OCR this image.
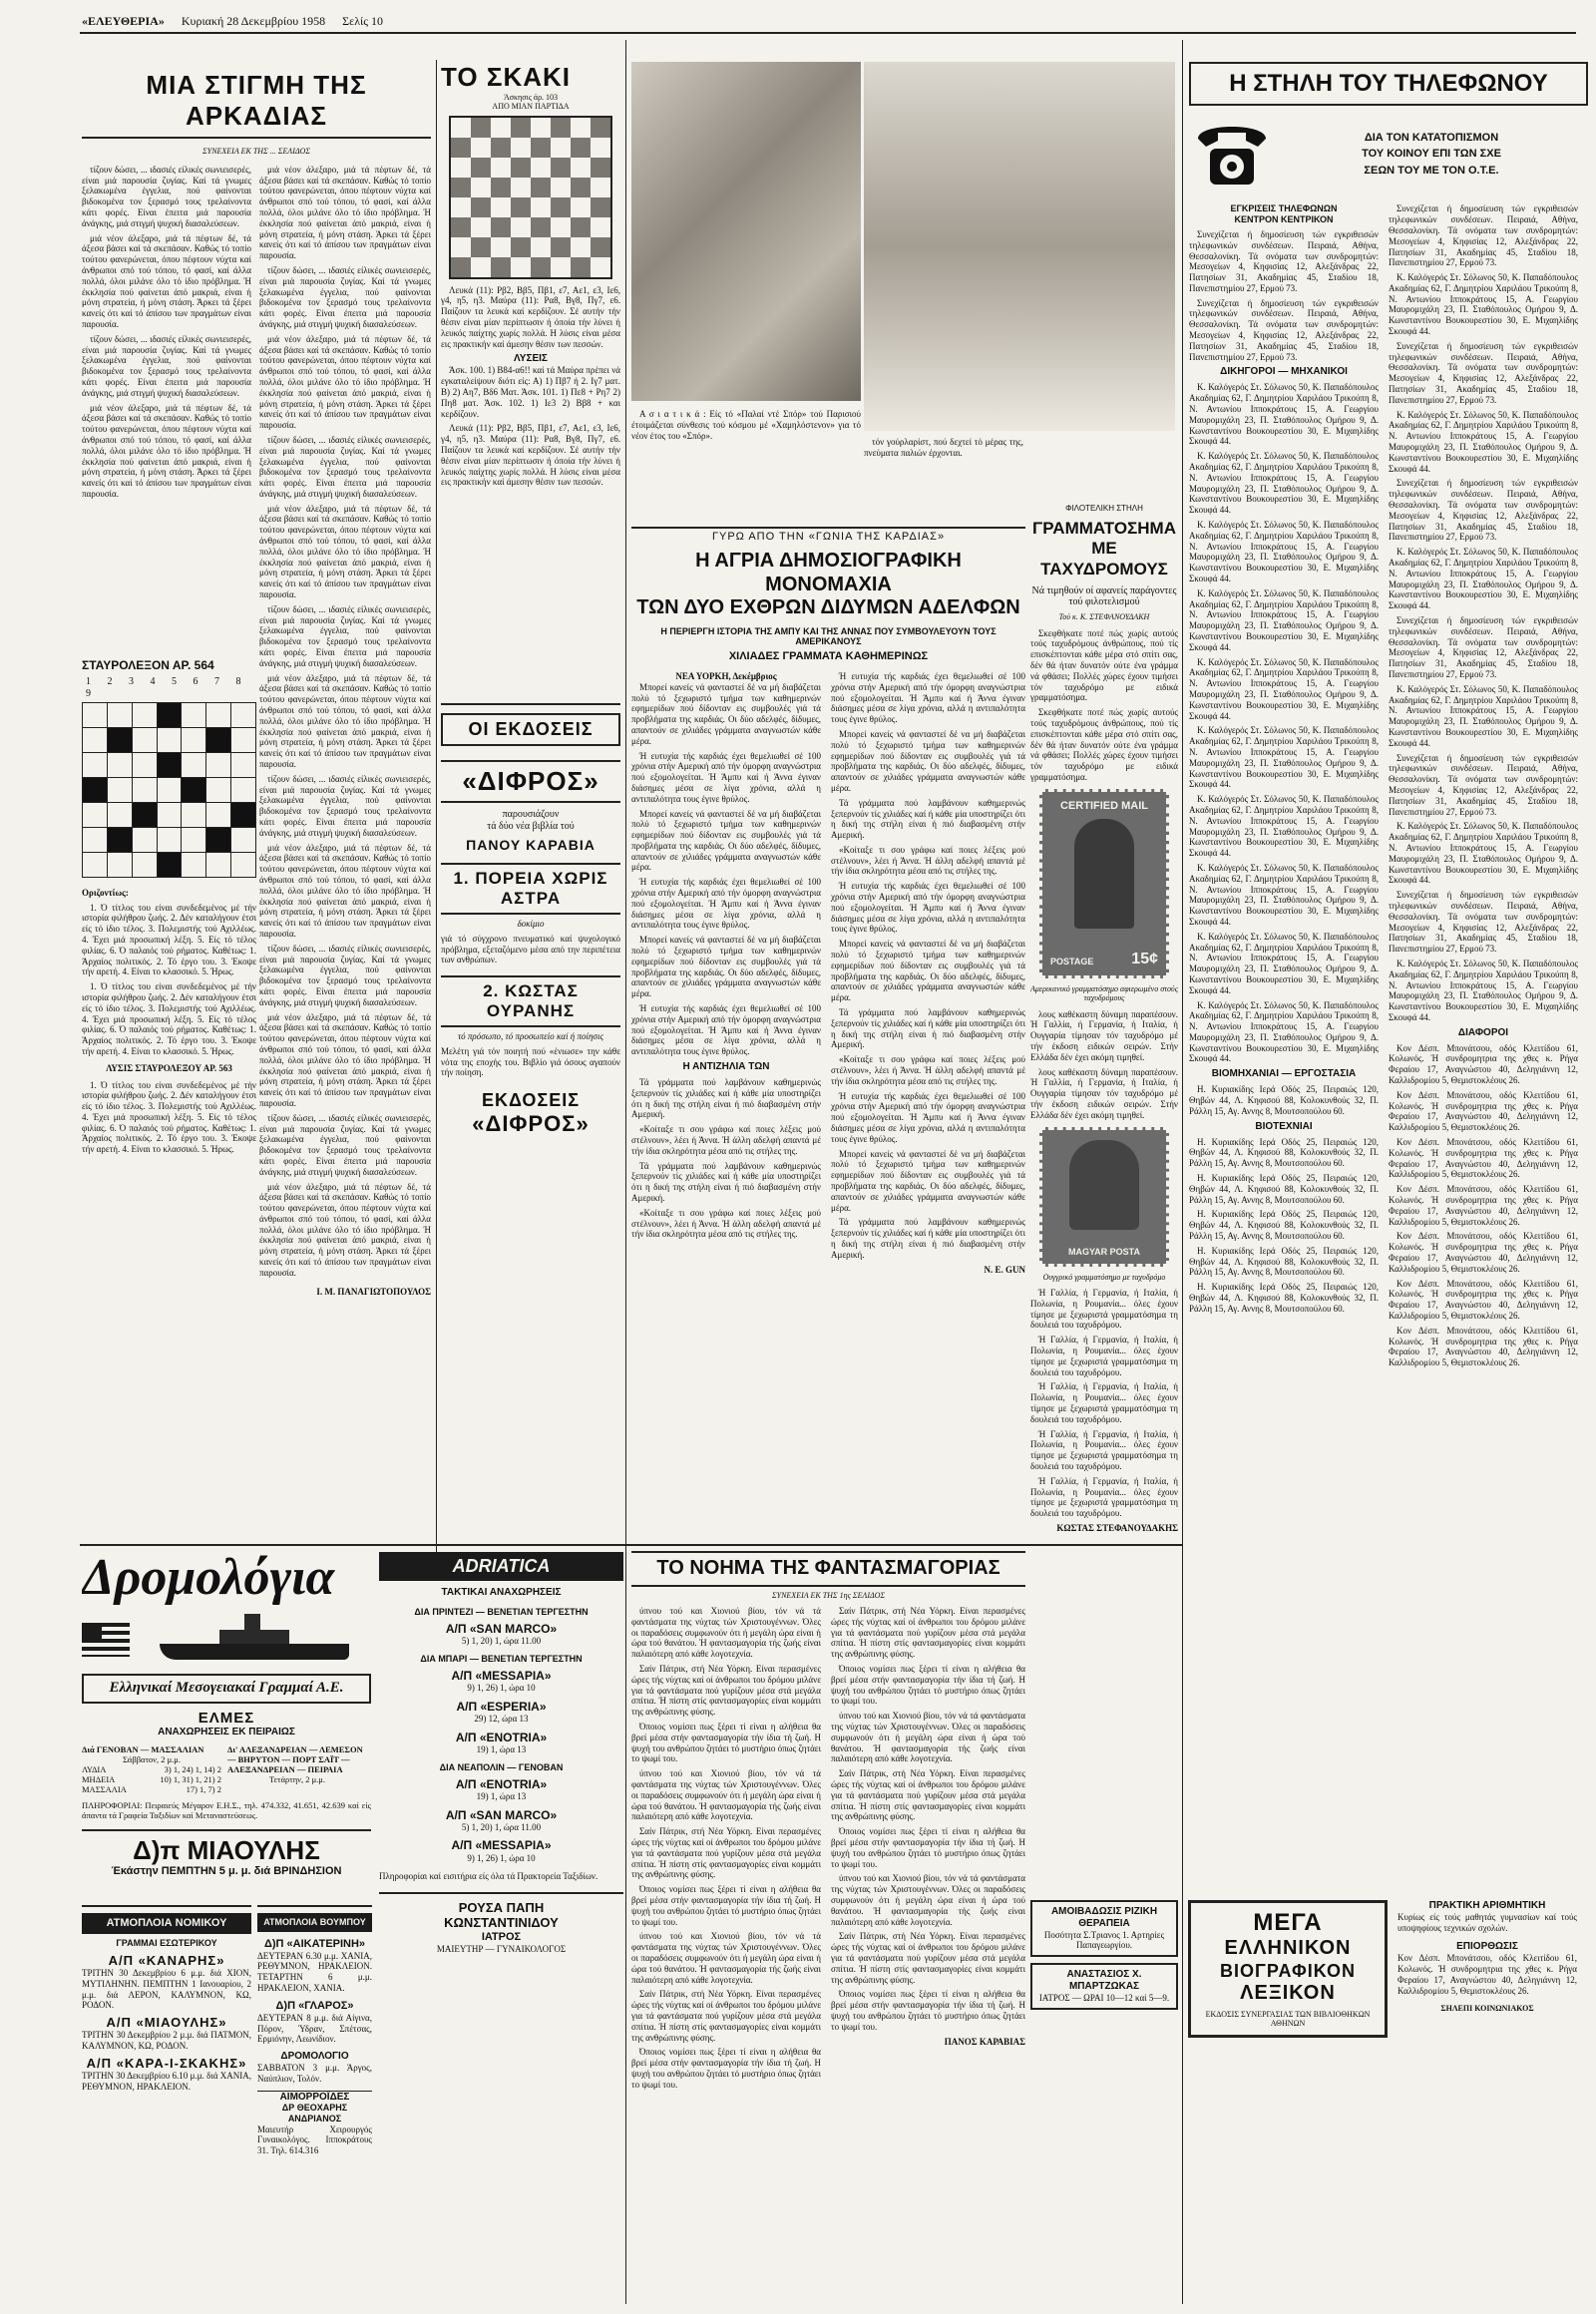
«ΕΛΕΥΘΕΡΙΑ» Κυριακή 28 Δεκεμβρίου 1958 Σελίς 10
ΜΙΑ ΣΤΙΓΜΗ ΤΗΣ ΑΡΚΑΔΙΑΣ
ΣΥΝΕΧΕΙΑ ΕΚ ΤΗΣ ... ΣΕΛΙΔΟΣ

τίζουν δώσει, ... ιδασιές είλικές σωνιεισερές, είναι μιά παρουσία ζυγίας. Καί τά γνωμες ξελακωμένα έγγελια, πού φαίνονται βιδοκομένα τον ξερασμό τους τρελαίνοντα κάτι φορές. Είναι έπειτα μιά παρουσία άνάγκης, μιά στιγμή ψυχική διασαλεύσεων.

μιά νέον άλεξαρο, μιά τά πέφτων δέ, τά άξεσα βάσει καί τά σκεπάσαν. Καθώς τό τοπίο τούτου φανερώνεται, όπου πέφτουν νύχτα καί άνθρωποι σπό τού τόπου, τό φασί, καί άλλα πολλά, όλοι μιλάνε όλο τό ίδιο πρόβλημα. Ή έκκλησία πού φαίνεται άπό μακριά, είναι ή μόνη στρατεία, ή μόνη στάση. Άρκει τά ξέρει κανείς ότι καί τό άπίσου των πραγμάτων είναι παρουσία.

τίζουν δώσει, ... ιδασιές είλικές σωνιεισερές, είναι μιά παρουσία ζυγίας. Καί τά γνωμες ξελακωμένα έγγελια, πού φαίνονται βιδοκομένα τον ξερασμό τους τρελαίνοντα κάτι φορές. Είναι έπειτα μιά παρουσία άνάγκης, μιά στιγμή ψυχική διασαλεύσεων.

μιά νέον άλεξαρο, μιά τά πέφτων δέ, τά άξεσα βάσει καί τά σκεπάσαν. Καθώς τό τοπίο τούτου φανερώνεται, όπου πέφτουν νύχτα καί άνθρωποι σπό τού τόπου, τό φασί, καί άλλα πολλά, όλοι μιλάνε όλο τό ίδιο πρόβλημα. Ή έκκλησία πού φαίνεται άπό μακριά, είναι ή μόνη στρατεία, ή μόνη στάση. Άρκει τά ξέρει κανείς ότι καί τό άπίσου των πραγμάτων είναι παρουσία.

μιά νέον άλεξαρο, μιά τά πέφτων δέ, τά άξεσα βάσει καί τά σκεπάσαν. Καθώς τό τοπίο τούτου φανερώνεται, όπου πέφτουν νύχτα καί άνθρωποι σπό τού τόπου, τό φασί, καί άλλα πολλά, όλοι μιλάνε όλο τό ίδιο πρόβλημα. Ή έκκλησία πού φαίνεται άπό μακριά, είναι ή μόνη στρατεία, ή μόνη στάση. Άρκει τά ξέρει κανείς ότι καί τό άπίσου των πραγμάτων είναι παρουσία.

τίζουν δώσει, ... ιδασιές είλικές σωνιεισερές, είναι μιά παρουσία ζυγίας. Καί τά γνωμες ξελακωμένα έγγελια, πού φαίνονται βιδοκομένα τον ξερασμό τους τρελαίνοντα κάτι φορές. Είναι έπειτα μιά παρουσία άνάγκης, μιά στιγμή ψυχική διασαλεύσεων.

μιά νέον άλεξαρο, μιά τά πέφτων δέ, τά άξεσα βάσει καί τά σκεπάσαν. Καθώς τό τοπίο τούτου φανερώνεται, όπου πέφτουν νύχτα καί άνθρωποι σπό τού τόπου, τό φασί, καί άλλα πολλά, όλοι μιλάνε όλο τό ίδιο πρόβλημα. Ή έκκλησία πού φαίνεται άπό μακριά, είναι ή μόνη στρατεία, ή μόνη στάση. Άρκει τά ξέρει κανείς ότι καί τό άπίσου των πραγμάτων είναι παρουσία.

τίζουν δώσει, ... ιδασιές είλικές σωνιεισερές, είναι μιά παρουσία ζυγίας. Καί τά γνωμες ξελακωμένα έγγελια, πού φαίνονται βιδοκομένα τον ξερασμό τους τρελαίνοντα κάτι φορές. Είναι έπειτα μιά παρουσία άνάγκης, μιά στιγμή ψυχική διασαλεύσεων.

μιά νέον άλεξαρο, μιά τά πέφτων δέ, τά άξεσα βάσει καί τά σκεπάσαν. Καθώς τό τοπίο τούτου φανερώνεται, όπου πέφτουν νύχτα καί άνθρωποι σπό τού τόπου, τό φασί, καί άλλα πολλά, όλοι μιλάνε όλο τό ίδιο πρόβλημα. Ή έκκλησία πού φαίνεται άπό μακριά, είναι ή μόνη στρατεία, ή μόνη στάση. Άρκει τά ξέρει κανείς ότι καί τό άπίσου των πραγμάτων είναι παρουσία.

τίζουν δώσει, ... ιδασιές είλικές σωνιεισερές, είναι μιά παρουσία ζυγίας. Καί τά γνωμες ξελακωμένα έγγελια, πού φαίνονται βιδοκομένα τον ξερασμό τους τρελαίνοντα κάτι φορές. Είναι έπειτα μιά παρουσία άνάγκης, μιά στιγμή ψυχική διασαλεύσεων.

μιά νέον άλεξαρο, μιά τά πέφτων δέ, τά άξεσα βάσει καί τά σκεπάσαν. Καθώς τό τοπίο τούτου φανερώνεται, όπου πέφτουν νύχτα καί άνθρωποι σπό τού τόπου, τό φασί, καί άλλα πολλά, όλοι μιλάνε όλο τό ίδιο πρόβλημα. Ή έκκλησία πού φαίνεται άπό μακριά, είναι ή μόνη στρατεία, ή μόνη στάση. Άρκει τά ξέρει κανείς ότι καί τό άπίσου των πραγμάτων είναι παρουσία.

τίζουν δώσει, ... ιδασιές είλικές σωνιεισερές, είναι μιά παρουσία ζυγίας. Καί τά γνωμες ξελακωμένα έγγελια, πού φαίνονται βιδοκομένα τον ξερασμό τους τρελαίνοντα κάτι φορές. Είναι έπειτα μιά παρουσία άνάγκης, μιά στιγμή ψυχική διασαλεύσεων.

μιά νέον άλεξαρο, μιά τά πέφτων δέ, τά άξεσα βάσει καί τά σκεπάσαν. Καθώς τό τοπίο τούτου φανερώνεται, όπου πέφτουν νύχτα καί άνθρωποι σπό τού τόπου, τό φασί, καί άλλα πολλά, όλοι μιλάνε όλο τό ίδιο πρόβλημα. Ή έκκλησία πού φαίνεται άπό μακριά, είναι ή μόνη στρατεία, ή μόνη στάση. Άρκει τά ξέρει κανείς ότι καί τό άπίσου των πραγμάτων είναι παρουσία.

τίζουν δώσει, ... ιδασιές είλικές σωνιεισερές, είναι μιά παρουσία ζυγίας. Καί τά γνωμες ξελακωμένα έγγελια, πού φαίνονται βιδοκομένα τον ξερασμό τους τρελαίνοντα κάτι φορές. Είναι έπειτα μιά παρουσία άνάγκης, μιά στιγμή ψυχική διασαλεύσεων.

μιά νέον άλεξαρο, μιά τά πέφτων δέ, τά άξεσα βάσει καί τά σκεπάσαν. Καθώς τό τοπίο τούτου φανερώνεται, όπου πέφτουν νύχτα καί άνθρωποι σπό τού τόπου, τό φασί, καί άλλα πολλά, όλοι μιλάνε όλο τό ίδιο πρόβλημα. Ή έκκλησία πού φαίνεται άπό μακριά, είναι ή μόνη στρατεία, ή μόνη στάση. Άρκει τά ξέρει κανείς ότι καί τό άπίσου των πραγμάτων είναι παρουσία.

τίζουν δώσει, ... ιδασιές είλικές σωνιεισερές, είναι μιά παρουσία ζυγίας. Καί τά γνωμες ξελακωμένα έγγελια, πού φαίνονται βιδοκομένα τον ξερασμό τους τρελαίνοντα κάτι φορές. Είναι έπειτα μιά παρουσία άνάγκης, μιά στιγμή ψυχική διασαλεύσεων.

μιά νέον άλεξαρο, μιά τά πέφτων δέ, τά άξεσα βάσει καί τά σκεπάσαν. Καθώς τό τοπίο τούτου φανερώνεται, όπου πέφτουν νύχτα καί άνθρωποι σπό τού τόπου, τό φασί, καί άλλα πολλά, όλοι μιλάνε όλο τό ίδιο πρόβλημα. Ή έκκλησία πού φαίνεται άπό μακριά, είναι ή μόνη στρατεία, ή μόνη στάση. Άρκει τά ξέρει κανείς ότι καί τό άπίσου των πραγμάτων είναι παρουσία.

Ι. Μ. ΠΑΝΑΓΙΩΤΟΠΟΥΛΟΣ
ΣΤΑΥΡΟΛΕΞΟΝ ΑΡ. 564
1 2 3 4 5 6 7 8 9

Οριζοντίως:

1. Ό τίτλος του είναι συνδεδεμένος μέ τήν ιστορία φιλήθρου ζωής. 2. Δέν καταλήγουν έτσι είς τό ίδιο τέλος. 3. Πολεμιστής τού Αχιλλέως. 4. Έχει μιά προσωπική λέξη. 5. Είς τό τέλος φιλίας. 6. Ό παλαιός τού ρήματος. Καθέτως: 1. Άρχαίος πολιτικός. 2. Τό έργο του. 3. Έκοψε τήν αρετή. 4. Είναι το κλασσικό. 5. Ήρως.

1. Ό τίτλος του είναι συνδεδεμένος μέ τήν ιστορία φιλήθρου ζωής. 2. Δέν καταλήγουν έτσι είς τό ίδιο τέλος. 3. Πολεμιστής τού Αχιλλέως. 4. Έχει μιά προσωπική λέξη. 5. Είς τό τέλος φιλίας. 6. Ό παλαιός τού ρήματος. Καθέτως: 1. Άρχαίος πολιτικός. 2. Τό έργο του. 3. Έκοψε τήν αρετή. 4. Είναι το κλασσικό. 5. Ήρως.

ΛΥΣΙΣ ΣΤΑΥΡΟΛΕΞΟΥ ΑΡ. 563

1. Ό τίτλος του είναι συνδεδεμένος μέ τήν ιστορία φιλήθρου ζωής. 2. Δέν καταλήγουν έτσι είς τό ίδιο τέλος. 3. Πολεμιστής τού Αχιλλέως. 4. Έχει μιά προσωπική λέξη. 5. Είς τό τέλος φιλίας. 6. Ό παλαιός τού ρήματος. Καθέτως: 1. Άρχαίος πολιτικός. 2. Τό έργο του. 3. Έκοψε τήν αρετή. 4. Είναι το κλασσικό. 5. Ήρως.

ΤΟ ΣΚΑΚΙ
Άσκησις άρ. 103
ΑΠΟ ΜΙΑΝ ΠΑΡΤΙΔΑ

Λευκά (11): Ρβ2, Ββ5, Πβ1, ε7, Αε1, ε3, Ιε6, γ4, η5, η3. Μαύρα (11): Ρα8, Βγ8, Πγ7, ε6. Παίζουν τα λευκά καί κερδίζουν. Σέ αυτήν τήν θέσιν είναι μίαν περίπτωσιν ή όποία τήν λύνει ή λευκός παίχτης χωρίς πολλά. Η λύσις είναι μέσα εις πρακτικήν καί άμεσην θέσιν των πεσσών.

ΛΥΣΕΙΣ

Άσκ. 100. 1) Β84-α6!! καί τά Μαύρα πρέπει νά εγκαταλείψουν διότι είς: Α) 1) Πβ7 ή 2. Ιγ7 ματ. Β) 2) Αη7, Βδ6 Ματ. Άσκ. 101. 1) Πε8 + Ρη7 2) Πη8 ματ. Άσκ. 102. 1) Ιε3 2) Ββ8 + και κερδίζουν.

Λευκά (11): Ρβ2, Ββ5, Πβ1, ε7, Αε1, ε3, Ιε6, γ4, η5, η3. Μαύρα (11): Ρα8, Βγ8, Πγ7, ε6. Παίζουν τα λευκά καί κερδίζουν. Σέ αυτήν τήν θέσιν είναι μίαν περίπτωσιν ή όποία τήν λύνει ή λευκός παίχτης χωρίς πολλά. Η λύσις είναι μέσα εις πρακτικήν καί άμεσην θέσιν των πεσσών.

ΟΙ ΕΚΔΟΣΕΙΣ
«ΔΙΦΡΟΣ»
παρουσιάζουν
τά δύο νέα βιβλία τού
ΠΑΝΟΥ ΚΑΡΑΒΙΑ
1. ΠΟΡΕΙΑ ΧΩΡΙΣ ΑΣΤΡΑ
δοκίμιο
γιά τό σύγχρονο πνευματικό καί ψυχολογικό πρόβλημα, εξεταζόμενο μέσα από την περιπέτεια των ανθρώπων.
2. ΚΩΣΤΑΣ ΟΥΡΑΝΗΣ
τό πρόσωπο, τό προσωπείο καί ή ποίησις
Μελέτη γιά τόν ποιητή πού «ένιωσε» την κάθε νότα της εποχής του. Βιβλίο γιά όσους αγαπούν τήν ποίηση.
ΕΚΔΟΣΕΙΣ
«ΔΙΦΡΟΣ»

Α σ ι α τ ι κ ά : Είς τό «Παλαί ντέ Σπόρ» τού Παρισιού έτοιμάζεται σύνθεσις τού κόσμου μέ «Χαμηλόστενον» για τό νέον έτος του «Σπόρ».

τόν γούρλαρίστ, πού δεχτεί τό μέρας της, πνεύματα παλιών έρχονται.

ΓΥΡΩ ΑΠΟ ΤΗΝ «ΓΩΝΙΑ ΤΗΣ ΚΑΡΔΙΑΣ»
Η ΑΓΡΙΑ ΔΗΜΟΣΙΟΓΡΑΦΙΚΗ ΜΟΝΟΜΑΧΙΑ
ΤΩΝ ΔΥΟ ΕΧΘΡΩΝ ΔΙΔΥΜΩΝ ΑΔΕΛΦΩΝ
Η ΠΕΡΙΕΡΓΗ ΙΣΤΟΡΙΑ ΤΗΣ ΑΜΠΥ ΚΑΙ ΤΗΣ ΑΝΝΑΣ ΠΟΥ ΣΥΜΒΟΥΛΕΥΟΥΝ ΤΟΥΣ ΑΜΕΡΙΚΑΝΟΥΣ
ΧΙΛΙΑΔΕΣ ΓΡΑΜΜΑΤΑ ΚΑΘΗΜΕΡΙΝΩΣ
ΝΕΑ ΥΟΡΚΗ, Δεκέμβριος

Μπορεί κανείς νά φανταστεί δέ να μή διαβάζεται πολύ τό ξεχωριστό τμήμα των καθημερινών εφημερίδων πού δίδονταν εις συμβουλές γιά τά προβλήματα της καρδιάς. Οι δύο αδελφές, δίδυμες, απαντούν σε χιλιάδες γράμματα αναγνωστών κάθε μέρα.

Ή ευτυχία τής καρδιάς έχει θεμελιωθεί σέ 100 χρόνια στήν Αμερική από τήν όμορφη αναγνώστρια πού εξομολογείται. Ή Άμπυ καί ή Άννα έγιναν διάσημες μέσα σε λίγα χρόνια, αλλά η αντιπαλότητα τους έγινε θρύλος.

Μπορεί κανείς νά φανταστεί δέ να μή διαβάζεται πολύ τό ξεχωριστό τμήμα των καθημερινών εφημερίδων πού δίδονταν εις συμβουλές γιά τά προβλήματα της καρδιάς. Οι δύο αδελφές, δίδυμες, απαντούν σε χιλιάδες γράμματα αναγνωστών κάθε μέρα.

Ή ευτυχία τής καρδιάς έχει θεμελιωθεί σέ 100 χρόνια στήν Αμερική από τήν όμορφη αναγνώστρια πού εξομολογείται. Ή Άμπυ καί ή Άννα έγιναν διάσημες μέσα σε λίγα χρόνια, αλλά η αντιπαλότητα τους έγινε θρύλος.

Μπορεί κανείς νά φανταστεί δέ να μή διαβάζεται πολύ τό ξεχωριστό τμήμα των καθημερινών εφημερίδων πού δίδονταν εις συμβουλές γιά τά προβλήματα της καρδιάς. Οι δύο αδελφές, δίδυμες, απαντούν σε χιλιάδες γράμματα αναγνωστών κάθε μέρα.

Ή ευτυχία τής καρδιάς έχει θεμελιωθεί σέ 100 χρόνια στήν Αμερική από τήν όμορφη αναγνώστρια πού εξομολογείται. Ή Άμπυ καί ή Άννα έγιναν διάσημες μέσα σε λίγα χρόνια, αλλά η αντιπαλότητα τους έγινε θρύλος.

Η ΑΝΤΙΖΗΛΙΑ ΤΩΝ

Τά γράμματα πού λαμβάνουν καθημερινώς ξεπερνούν τίς χιλιάδες καί ή κάθε μία υποστηρίζει ότι η δική της στήλη είναι ή πιό διαβασμένη στήν Αμερική.

«Κοίταξε τι σου γράφω καί ποιες λέξεις μού στέλνουν», λέει ή Άννα. Ή άλλη αδελφή απαντά μέ τήν ίδια σκληρότητα μέσα από τις στήλες της.

Τά γράμματα πού λαμβάνουν καθημερινώς ξεπερνούν τίς χιλιάδες καί ή κάθε μία υποστηρίζει ότι η δική της στήλη είναι ή πιό διαβασμένη στήν Αμερική.

«Κοίταξε τι σου γράφω καί ποιες λέξεις μού στέλνουν», λέει ή Άννα. Ή άλλη αδελφή απαντά μέ τήν ίδια σκληρότητα μέσα από τις στήλες της.

Ή ευτυχία τής καρδιάς έχει θεμελιωθεί σέ 100 χρόνια στήν Αμερική από τήν όμορφη αναγνώστρια πού εξομολογείται. Ή Άμπυ καί ή Άννα έγιναν διάσημες μέσα σε λίγα χρόνια, αλλά η αντιπαλότητα τους έγινε θρύλος.

Μπορεί κανείς νά φανταστεί δέ να μή διαβάζεται πολύ τό ξεχωριστό τμήμα των καθημερινών εφημερίδων πού δίδονταν εις συμβουλές γιά τά προβλήματα της καρδιάς. Οι δύο αδελφές, δίδυμες, απαντούν σε χιλιάδες γράμματα αναγνωστών κάθε μέρα.

Τά γράμματα πού λαμβάνουν καθημερινώς ξεπερνούν τίς χιλιάδες καί ή κάθε μία υποστηρίζει ότι η δική της στήλη είναι ή πιό διαβασμένη στήν Αμερική.

«Κοίταξε τι σου γράφω καί ποιες λέξεις μού στέλνουν», λέει ή Άννα. Ή άλλη αδελφή απαντά μέ τήν ίδια σκληρότητα μέσα από τις στήλες της.

Ή ευτυχία τής καρδιάς έχει θεμελιωθεί σέ 100 χρόνια στήν Αμερική από τήν όμορφη αναγνώστρια πού εξομολογείται. Ή Άμπυ καί ή Άννα έγιναν διάσημες μέσα σε λίγα χρόνια, αλλά η αντιπαλότητα τους έγινε θρύλος.

Μπορεί κανείς νά φανταστεί δέ να μή διαβάζεται πολύ τό ξεχωριστό τμήμα των καθημερινών εφημερίδων πού δίδονταν εις συμβουλές γιά τά προβλήματα της καρδιάς. Οι δύο αδελφές, δίδυμες, απαντούν σε χιλιάδες γράμματα αναγνωστών κάθε μέρα.

Τά γράμματα πού λαμβάνουν καθημερινώς ξεπερνούν τίς χιλιάδες καί ή κάθε μία υποστηρίζει ότι η δική της στήλη είναι ή πιό διαβασμένη στήν Αμερική.

«Κοίταξε τι σου γράφω καί ποιες λέξεις μού στέλνουν», λέει ή Άννα. Ή άλλη αδελφή απαντά μέ τήν ίδια σκληρότητα μέσα από τις στήλες της.

Ή ευτυχία τής καρδιάς έχει θεμελιωθεί σέ 100 χρόνια στήν Αμερική από τήν όμορφη αναγνώστρια πού εξομολογείται. Ή Άμπυ καί ή Άννα έγιναν διάσημες μέσα σε λίγα χρόνια, αλλά η αντιπαλότητα τους έγινε θρύλος.

Μπορεί κανείς νά φανταστεί δέ να μή διαβάζεται πολύ τό ξεχωριστό τμήμα των καθημερινών εφημερίδων πού δίδονταν εις συμβουλές γιά τά προβλήματα της καρδιάς. Οι δύο αδελφές, δίδυμες, απαντούν σε χιλιάδες γράμματα αναγνωστών κάθε μέρα.

Τά γράμματα πού λαμβάνουν καθημερινώς ξεπερνούν τίς χιλιάδες καί ή κάθε μία υποστηρίζει ότι η δική της στήλη είναι ή πιό διαβασμένη στήν Αμερική.

Ν. Ε. GUN
ΦΙΛΟΤΕΛΙΚΗ ΣΤΗΛΗ
ΓΡΑΜΜΑΤΟΣΗΜΑ
ΜΕ ΤΑΧΥΔΡΟΜΟΥΣ
Νά τιμηθούν οί αφανείς παράγοντες τού φιλοτελισμού
Τού κ. Κ. ΣΤΕΦΑΝΟΥΔΑΚΗ

Σκεφθήκατε ποτέ πώς χωρίς αυτούς τούς ταχυδρόμους άνθρώπους, πού τίς επισκέπτονται κάθε μέρα στό σπίτι σας, δέν θά ήταν δυνατόν ούτε ένα γράμμα νά φθάσει; Πολλές χώρες έχουν τιμήσει τόν ταχυδρόμο με ειδικά γραμματόσημα.

Σκεφθήκατε ποτέ πώς χωρίς αυτούς τούς ταχυδρόμους άνθρώπους, πού τίς επισκέπτονται κάθε μέρα στό σπίτι σας, δέν θά ήταν δυνατόν ούτε ένα γράμμα νά φθάσει; Πολλές χώρες έχουν τιμήσει τόν ταχυδρόμο με ειδικά γραμματόσημα.

CERTIFIED MAIL
POSTAGE 15¢
Αμερικανικό γραμματόσημο αφιερωμένο στούς ταχυδρόμους

λους καθέκαστη δύναμη παραπέσουν. Ή Γαλλία, ή Γερμανία, ή Ιταλία, ή Ουγγαρία τίμησαν τόν ταχυδρόμο μέ τήν έκδοση ειδικών σειρών. Στήν Ελλάδα δέν έχει ακόμη τιμηθεί.

λους καθέκαστη δύναμη παραπέσουν. Ή Γαλλία, ή Γερμανία, ή Ιταλία, ή Ουγγαρία τίμησαν τόν ταχυδρόμο μέ τήν έκδοση ειδικών σειρών. Στήν Ελλάδα δέν έχει ακόμη τιμηθεί.

MAGYAR POSTA
Ουγγρικό γραμματόσημο με ταχυδρόμο

Ή Γαλλία, ή Γερμανία, ή Ιταλία, ή Πολωνία, η Ρουμανία... όλες έχουν τίμησε με ξεχωριστά γραμματόσημα τη δουλειά του ταχυδρόμου.

Ή Γαλλία, ή Γερμανία, ή Ιταλία, ή Πολωνία, η Ρουμανία... όλες έχουν τίμησε με ξεχωριστά γραμματόσημα τη δουλειά του ταχυδρόμου.

Ή Γαλλία, ή Γερμανία, ή Ιταλία, ή Πολωνία, η Ρουμανία... όλες έχουν τίμησε με ξεχωριστά γραμματόσημα τη δουλειά του ταχυδρόμου.

Ή Γαλλία, ή Γερμανία, ή Ιταλία, ή Πολωνία, η Ρουμανία... όλες έχουν τίμησε με ξεχωριστά γραμματόσημα τη δουλειά του ταχυδρόμου.

Ή Γαλλία, ή Γερμανία, ή Ιταλία, ή Πολωνία, η Ρουμανία... όλες έχουν τίμησε με ξεχωριστά γραμματόσημα τη δουλειά του ταχυδρόμου.

ΚΩΣΤΑΣ ΣΤΕΦΑΝΟΥΔΑΚΗΣ
Η ΣΤΗΛΗ ΤΟΥ ΤΗΛΕΦΩΝΟΥ
ΔΙΑ ΤΟΝ ΚΑΤΑΤΟΠΙΣΜΟΝ
ΤΟΥ ΚΟΙΝΟΥ ΕΠΙ ΤΩΝ ΣΧΕ
ΣΕΩΝ ΤΟΥ ΜΕ ΤΟΝ Ο.Τ.Ε.
ΕΓΚΡΙΣΕΙΣ ΤΗΛΕΦΩΝΩΝ
ΚΕΝΤΡΟΝ ΚΕΝΤΡΙΚΟΝ

Συνεχίζεται ή δημοσίευση τών εγκριθεισών τηλεφωνικών συνδέσεων. Πειραιά, Αθήνα, Θεσσαλονίκη. Τά ονόματα των συνδρομητών: Μεσογείων 4, Κηφισίας 12, Αλεξάνδρας 22, Πατησίων 31, Ακαδημίας 45, Σταδίου 18, Πανεπιστημίου 27, Ερμού 73.

Συνεχίζεται ή δημοσίευση τών εγκριθεισών τηλεφωνικών συνδέσεων. Πειραιά, Αθήνα, Θεσσαλονίκη. Τά ονόματα των συνδρομητών: Μεσογείων 4, Κηφισίας 12, Αλεξάνδρας 22, Πατησίων 31, Ακαδημίας 45, Σταδίου 18, Πανεπιστημίου 27, Ερμού 73.

ΔΙΚΗΓΟΡΟΙ — ΜΗΧΑΝΙΚΟΙ

Κ. Καλόγερός Στ. Σόλωνος 50, Κ. Παπαδόπουλος Ακαδημίας 62, Γ. Δημητρίου Χαριλάου Τρικούπη 8, Ν. Αντωνίου Ιπποκράτους 15, Α. Γεωργίου Μαυρομιχάλη 23, Π. Σταθόπουλος Ομήρου 9, Δ. Κωνσταντίνου Βουκουρεστίου 30, Ε. Μιχαηλίδης Σκουφά 44.

Κ. Καλόγερός Στ. Σόλωνος 50, Κ. Παπαδόπουλος Ακαδημίας 62, Γ. Δημητρίου Χαριλάου Τρικούπη 8, Ν. Αντωνίου Ιπποκράτους 15, Α. Γεωργίου Μαυρομιχάλη 23, Π. Σταθόπουλος Ομήρου 9, Δ. Κωνσταντίνου Βουκουρεστίου 30, Ε. Μιχαηλίδης Σκουφά 44.

Κ. Καλόγερός Στ. Σόλωνος 50, Κ. Παπαδόπουλος Ακαδημίας 62, Γ. Δημητρίου Χαριλάου Τρικούπη 8, Ν. Αντωνίου Ιπποκράτους 15, Α. Γεωργίου Μαυρομιχάλη 23, Π. Σταθόπουλος Ομήρου 9, Δ. Κωνσταντίνου Βουκουρεστίου 30, Ε. Μιχαηλίδης Σκουφά 44.

Κ. Καλόγερός Στ. Σόλωνος 50, Κ. Παπαδόπουλος Ακαδημίας 62, Γ. Δημητρίου Χαριλάου Τρικούπη 8, Ν. Αντωνίου Ιπποκράτους 15, Α. Γεωργίου Μαυρομιχάλη 23, Π. Σταθόπουλος Ομήρου 9, Δ. Κωνσταντίνου Βουκουρεστίου 30, Ε. Μιχαηλίδης Σκουφά 44.

Κ. Καλόγερός Στ. Σόλωνος 50, Κ. Παπαδόπουλος Ακαδημίας 62, Γ. Δημητρίου Χαριλάου Τρικούπη 8, Ν. Αντωνίου Ιπποκράτους 15, Α. Γεωργίου Μαυρομιχάλη 23, Π. Σταθόπουλος Ομήρου 9, Δ. Κωνσταντίνου Βουκουρεστίου 30, Ε. Μιχαηλίδης Σκουφά 44.

Κ. Καλόγερός Στ. Σόλωνος 50, Κ. Παπαδόπουλος Ακαδημίας 62, Γ. Δημητρίου Χαριλάου Τρικούπη 8, Ν. Αντωνίου Ιπποκράτους 15, Α. Γεωργίου Μαυρομιχάλη 23, Π. Σταθόπουλος Ομήρου 9, Δ. Κωνσταντίνου Βουκουρεστίου 30, Ε. Μιχαηλίδης Σκουφά 44.

Κ. Καλόγερός Στ. Σόλωνος 50, Κ. Παπαδόπουλος Ακαδημίας 62, Γ. Δημητρίου Χαριλάου Τρικούπη 8, Ν. Αντωνίου Ιπποκράτους 15, Α. Γεωργίου Μαυρομιχάλη 23, Π. Σταθόπουλος Ομήρου 9, Δ. Κωνσταντίνου Βουκουρεστίου 30, Ε. Μιχαηλίδης Σκουφά 44.

Κ. Καλόγερός Στ. Σόλωνος 50, Κ. Παπαδόπουλος Ακαδημίας 62, Γ. Δημητρίου Χαριλάου Τρικούπη 8, Ν. Αντωνίου Ιπποκράτους 15, Α. Γεωργίου Μαυρομιχάλη 23, Π. Σταθόπουλος Ομήρου 9, Δ. Κωνσταντίνου Βουκουρεστίου 30, Ε. Μιχαηλίδης Σκουφά 44.

Κ. Καλόγερός Στ. Σόλωνος 50, Κ. Παπαδόπουλος Ακαδημίας 62, Γ. Δημητρίου Χαριλάου Τρικούπη 8, Ν. Αντωνίου Ιπποκράτους 15, Α. Γεωργίου Μαυρομιχάλη 23, Π. Σταθόπουλος Ομήρου 9, Δ. Κωνσταντίνου Βουκουρεστίου 30, Ε. Μιχαηλίδης Σκουφά 44.

Κ. Καλόγερός Στ. Σόλωνος 50, Κ. Παπαδόπουλος Ακαδημίας 62, Γ. Δημητρίου Χαριλάου Τρικούπη 8, Ν. Αντωνίου Ιπποκράτους 15, Α. Γεωργίου Μαυρομιχάλη 23, Π. Σταθόπουλος Ομήρου 9, Δ. Κωνσταντίνου Βουκουρεστίου 30, Ε. Μιχαηλίδης Σκουφά 44.

ΒΙΟΜΗΧΑΝΙΑΙ — ΕΡΓΟΣΤΑΣΙΑ

Η. Κυριακίδης Ιερά Οδός 25, Πειραιώς 120, Θηβών 44, Λ. Κηφισού 88, Κολοκυνθούς 32, Π. Ράλλη 15, Αγ. Αννης 8, Μουτσοπούλου 60.

ΒΙΟΤΕΧΝΙΑΙ

Η. Κυριακίδης Ιερά Οδός 25, Πειραιώς 120, Θηβών 44, Λ. Κηφισού 88, Κολοκυνθούς 32, Π. Ράλλη 15, Αγ. Αννης 8, Μουτσοπούλου 60.

Η. Κυριακίδης Ιερά Οδός 25, Πειραιώς 120, Θηβών 44, Λ. Κηφισού 88, Κολοκυνθούς 32, Π. Ράλλη 15, Αγ. Αννης 8, Μουτσοπούλου 60.

Η. Κυριακίδης Ιερά Οδός 25, Πειραιώς 120, Θηβών 44, Λ. Κηφισού 88, Κολοκυνθούς 32, Π. Ράλλη 15, Αγ. Αννης 8, Μουτσοπούλου 60.

Η. Κυριακίδης Ιερά Οδός 25, Πειραιώς 120, Θηβών 44, Λ. Κηφισού 88, Κολοκυνθούς 32, Π. Ράλλη 15, Αγ. Αννης 8, Μουτσοπούλου 60.

Η. Κυριακίδης Ιερά Οδός 25, Πειραιώς 120, Θηβών 44, Λ. Κηφισού 88, Κολοκυνθούς 32, Π. Ράλλη 15, Αγ. Αννης 8, Μουτσοπούλου 60.

Συνεχίζεται ή δημοσίευση τών εγκριθεισών τηλεφωνικών συνδέσεων. Πειραιά, Αθήνα, Θεσσαλονίκη. Τά ονόματα των συνδρομητών: Μεσογείων 4, Κηφισίας 12, Αλεξάνδρας 22, Πατησίων 31, Ακαδημίας 45, Σταδίου 18, Πανεπιστημίου 27, Ερμού 73.

Κ. Καλόγερός Στ. Σόλωνος 50, Κ. Παπαδόπουλος Ακαδημίας 62, Γ. Δημητρίου Χαριλάου Τρικούπη 8, Ν. Αντωνίου Ιπποκράτους 15, Α. Γεωργίου Μαυρομιχάλη 23, Π. Σταθόπουλος Ομήρου 9, Δ. Κωνσταντίνου Βουκουρεστίου 30, Ε. Μιχαηλίδης Σκουφά 44.

Συνεχίζεται ή δημοσίευση τών εγκριθεισών τηλεφωνικών συνδέσεων. Πειραιά, Αθήνα, Θεσσαλονίκη. Τά ονόματα των συνδρομητών: Μεσογείων 4, Κηφισίας 12, Αλεξάνδρας 22, Πατησίων 31, Ακαδημίας 45, Σταδίου 18, Πανεπιστημίου 27, Ερμού 73.

Κ. Καλόγερός Στ. Σόλωνος 50, Κ. Παπαδόπουλος Ακαδημίας 62, Γ. Δημητρίου Χαριλάου Τρικούπη 8, Ν. Αντωνίου Ιπποκράτους 15, Α. Γεωργίου Μαυρομιχάλη 23, Π. Σταθόπουλος Ομήρου 9, Δ. Κωνσταντίνου Βουκουρεστίου 30, Ε. Μιχαηλίδης Σκουφά 44.

Συνεχίζεται ή δημοσίευση τών εγκριθεισών τηλεφωνικών συνδέσεων. Πειραιά, Αθήνα, Θεσσαλονίκη. Τά ονόματα των συνδρομητών: Μεσογείων 4, Κηφισίας 12, Αλεξάνδρας 22, Πατησίων 31, Ακαδημίας 45, Σταδίου 18, Πανεπιστημίου 27, Ερμού 73.

Κ. Καλόγερός Στ. Σόλωνος 50, Κ. Παπαδόπουλος Ακαδημίας 62, Γ. Δημητρίου Χαριλάου Τρικούπη 8, Ν. Αντωνίου Ιπποκράτους 15, Α. Γεωργίου Μαυρομιχάλη 23, Π. Σταθόπουλος Ομήρου 9, Δ. Κωνσταντίνου Βουκουρεστίου 30, Ε. Μιχαηλίδης Σκουφά 44.

Συνεχίζεται ή δημοσίευση τών εγκριθεισών τηλεφωνικών συνδέσεων. Πειραιά, Αθήνα, Θεσσαλονίκη. Τά ονόματα των συνδρομητών: Μεσογείων 4, Κηφισίας 12, Αλεξάνδρας 22, Πατησίων 31, Ακαδημίας 45, Σταδίου 18, Πανεπιστημίου 27, Ερμού 73.

Κ. Καλόγερός Στ. Σόλωνος 50, Κ. Παπαδόπουλος Ακαδημίας 62, Γ. Δημητρίου Χαριλάου Τρικούπη 8, Ν. Αντωνίου Ιπποκράτους 15, Α. Γεωργίου Μαυρομιχάλη 23, Π. Σταθόπουλος Ομήρου 9, Δ. Κωνσταντίνου Βουκουρεστίου 30, Ε. Μιχαηλίδης Σκουφά 44.

Συνεχίζεται ή δημοσίευση τών εγκριθεισών τηλεφωνικών συνδέσεων. Πειραιά, Αθήνα, Θεσσαλονίκη. Τά ονόματα των συνδρομητών: Μεσογείων 4, Κηφισίας 12, Αλεξάνδρας 22, Πατησίων 31, Ακαδημίας 45, Σταδίου 18, Πανεπιστημίου 27, Ερμού 73.

Κ. Καλόγερός Στ. Σόλωνος 50, Κ. Παπαδόπουλος Ακαδημίας 62, Γ. Δημητρίου Χαριλάου Τρικούπη 8, Ν. Αντωνίου Ιπποκράτους 15, Α. Γεωργίου Μαυρομιχάλη 23, Π. Σταθόπουλος Ομήρου 9, Δ. Κωνσταντίνου Βουκουρεστίου 30, Ε. Μιχαηλίδης Σκουφά 44.

Συνεχίζεται ή δημοσίευση τών εγκριθεισών τηλεφωνικών συνδέσεων. Πειραιά, Αθήνα, Θεσσαλονίκη. Τά ονόματα των συνδρομητών: Μεσογείων 4, Κηφισίας 12, Αλεξάνδρας 22, Πατησίων 31, Ακαδημίας 45, Σταδίου 18, Πανεπιστημίου 27, Ερμού 73.

Κ. Καλόγερός Στ. Σόλωνος 50, Κ. Παπαδόπουλος Ακαδημίας 62, Γ. Δημητρίου Χαριλάου Τρικούπη 8, Ν. Αντωνίου Ιπποκράτους 15, Α. Γεωργίου Μαυρομιχάλη 23, Π. Σταθόπουλος Ομήρου 9, Δ. Κωνσταντίνου Βουκουρεστίου 30, Ε. Μιχαηλίδης Σκουφά 44.

ΔΙΑΦΟΡΟΙ

Κον Δέσπ. Μπονάτσου, οδός Κλειτίδου 61, Κολωνός. Ή συνδρομητρια της χθες κ. Ρήγα Φεραίου 17, Αναγνώστου 40, Δεληγιάννη 12, Καλλιδρομίου 5, Θεμιστοκλέους 26.

Κον Δέσπ. Μπονάτσου, οδός Κλειτίδου 61, Κολωνός. Ή συνδρομητρια της χθες κ. Ρήγα Φεραίου 17, Αναγνώστου 40, Δεληγιάννη 12, Καλλιδρομίου 5, Θεμιστοκλέους 26.

Κον Δέσπ. Μπονάτσου, οδός Κλειτίδου 61, Κολωνός. Ή συνδρομητρια της χθες κ. Ρήγα Φεραίου 17, Αναγνώστου 40, Δεληγιάννη 12, Καλλιδρομίου 5, Θεμιστοκλέους 26.

Κον Δέσπ. Μπονάτσου, οδός Κλειτίδου 61, Κολωνός. Ή συνδρομητρια της χθες κ. Ρήγα Φεραίου 17, Αναγνώστου 40, Δεληγιάννη 12, Καλλιδρομίου 5, Θεμιστοκλέους 26.

Κον Δέσπ. Μπονάτσου, οδός Κλειτίδου 61, Κολωνός. Ή συνδρομητρια της χθες κ. Ρήγα Φεραίου 17, Αναγνώστου 40, Δεληγιάννη 12, Καλλιδρομίου 5, Θεμιστοκλέους 26.

Κον Δέσπ. Μπονάτσου, οδός Κλειτίδου 61, Κολωνός. Ή συνδρομητρια της χθες κ. Ρήγα Φεραίου 17, Αναγνώστου 40, Δεληγιάννη 12, Καλλιδρομίου 5, Θεμιστοκλέους 26.

Κον Δέσπ. Μπονάτσου, οδός Κλειτίδου 61, Κολωνός. Ή συνδρομητρια της χθες κ. Ρήγα Φεραίου 17, Αναγνώστου 40, Δεληγιάννη 12, Καλλιδρομίου 5, Θεμιστοκλέους 26.

Δρομολόγια
Ελληνικαί Μεσογειακαί Γραμμαί Α.Ε.
ΕΛΜΕΣ
ΑΝΑΧΩΡΗΣΕΙΣ ΕΚ ΠΕΙΡΑΙΩΣ
Διά ΓΕΝΟΒΑΝ — ΜΑΣΣΑΛΙΑΝ
Σάββατον, 2 μ.μ.
ΛΥΔΙΑ	3) 1, 24) 1, 14) 2
ΜΗΔΕΙΑ	10) 1, 31) 1, 21) 2
ΜΑΣΣΑΛΙΑ	17) 1, 7) 2
Δι' ΑΛΕΞΑΝΔΡΕΙΑΝ — ΛΕΜΕΣΟΝ — ΒΗΡΥΤΟΝ — ΠΟΡΤ ΣΑΪΤ — ΑΛΕΞΑΝΔΡΕΙΑΝ — ΠΕΙΡΑΙΑ
Τετάρτην, 2 μ.μ.
ΠΛΗΡΟΦΟΡΙΑΙ: Πειραιεύς Μέγαρον Ε.Η.Σ., τηλ. 474.332, 41.651, 42.639 καί είς άπαντα τά Γραφεία Ταξιδίων καί Μεταναστεύσεως.
Δ)π ΜΙΑΟΥΛΗΣ
Έκάστην ΠΕΜΠΤΗΝ 5 μ. μ. διά ΒΡΙΝΔΗΣΙΟΝ
ΑΤΜΟΠΛΟΙΑ ΝΟΜΙΚΟΥ
ΓΡΑΜΜΑΙ ΕΣΩΤΕΡΙΚΟΥ
Α/Π «ΚΑΝΑΡΗΣ»
ΤΡΙΤΗΝ 30 Δεκεμβρίου 6 μ.μ. διά ΧΙΟΝ, ΜΥΤΙΛΗΝΗΝ. ΠΕΜΠΤΗΝ 1 Ιανουαρίου, 2 μ.μ. διά ΛΕΡΟΝ, ΚΑΛΥΜΝΟΝ, ΚΩ, ΡΟΔΟΝ.
Α/Π «ΜΙΑΟΥΛΗΣ»
ΤΡΙΤΗΝ 30 Δεκεμβρίου 2 μ.μ. διά ΠΑΤΜΟΝ, ΚΑΛΥΜΝΟΝ, ΚΩ, ΡΟΔΟΝ.
Α/Π «ΚΑΡΑ-Ι-ΣΚΑΚΗΣ»
ΤΡΙΤΗΝ 30 Δεκεμβρίου 6.10 μ.μ. διά ΧΑΝΙΑ, ΡΕΘΥΜΝΟΝ, ΗΡΑΚΛΕΙΟΝ.
ΑΤΜΟΠΛΟΙΑ ΒΟΥΜΠΟΥ
Δ)Π «ΑΙΚΑΤΕΡΙΝΗ»
ΔΕΥΤΕΡΑΝ 6.30 μ.μ. ΧΑΝΙΑ, ΡΕΘΥΜΝΟΝ, ΗΡΑΚΛΕΙΟΝ. ΤΕΤΑΡΤΗΝ 6 μ.μ. ΗΡΑΚΛΕΙΟΝ, ΧΑΝΙΑ.
Δ)Π «ΓΛΑΡΟΣ»
ΔΕΥΤΕΡΑΝ 8 μ.μ. διά Αίγινα, Πόρον, Ύδραν, Σπέτσας, Ερμιόνην, Λεωνίδιον.
ΔΡΟΜΟΛΟΓΙΟ
ΣΑΒΒΑΤΟΝ 3 μ.μ. Άργος, Ναύπλιον, Τολόν.
ΑΙΜΟΡΡΟΪΔΕΣ
ΔΡ ΘΕΟΧΑΡΗΣ ΑΝΔΡΙΑΝΟΣ
Μαιευτήρ Χειρουργός Γυναικολόγος. Ιπποκράτους 31. Τηλ. 614.316
ADRIATICA
ΤΑΚΤΙΚΑΙ ΑΝΑΧΩΡΗΣΕΙΣ
ΔΙΑ ΠΡΙΝΤΕΖΙ — ΒΕΝΕΤΙΑΝ ΤΕΡΓΕΣΤΗΝ
Α/Π «SAN MARCO»
5) 1, 20) 1, ώρα 11.00
ΔΙΑ ΜΠΑΡΙ — ΒΕΝΕΤΙΑΝ ΤΕΡΓΕΣΤΗΝ
Α/Π «MESSAPIA»
9) 1, 26) 1, ώρα 10
Α/Π «ESPERIA»
29) 12, ώρα 13
Α/Π «ENOTRIA»
19) 1, ώρα 13
ΔΙΑ ΝΕΑΠΟΛΙΝ — ΓΕΝΟΒΑΝ
Α/Π «ENOTRIA»
19) 1, ώρα 13
Α/Π «SAN MARCO»
5) 1, 20) 1, ώρα 11.00
Α/Π «MESSAPIA»
9) 1, 26) 1, ώρα 10
Πληροφορίαι καί εισιτήρια είς όλα τά Πρακτορεία Ταξιδίων.
ΡΟΥΣΑ ΠΑΠΗ
ΚΩΝΣΤΑΝΤΙΝΙΔΟΥ
ΙΑΤΡΟΣ
ΜΑΙΕΥΤΗΡ — ΓΥΝΑΙΚΟΛΟΓΟΣ
ΤΟ ΝΟΗΜΑ ΤΗΣ ΦΑΝΤΑΣΜΑΓΟΡΙΑΣ
ΣΥΝΕΧΕΙΑ ΕΚ ΤΗΣ 1ης ΣΕΛΙΔΟΣ

ύπνου τού και Χιονιού βίου, τόν νά τά φαντάσματα της νύχτας τών Χριστουγέννων. Όλες οι παραδόσεις συμφωνούν ότι ή μεγάλη ώρα είναι ή ώρα τού θανάτου. Ή φαντασμαγορία τής ζωής είναι παλαιότερη από κάθε λογοτεχνία.

Σαίν Πάτρικ, στή Νέα Υόρκη. Είναι περασμένες ώρες τής νύχτας καί οί άνθρωποι του δρόμου μιλάνε για τά φαντάσματα πού γυρίζουν μέσα στά μεγάλα σπίτια. Ή πίστη στίς φαντασμαγορίες είναι κομμάτι της ανθρώπινης φύσης.

Όποιος νομίσει πως ξέρει τί είναι η αλήθεια θα βρεί μέσα στήν φαντασμαγορία τήν ίδια τή ζωή. Η ψυχή του ανθρώπου ζητάει τό μυστήριο όπως ζητάει το ψωμί του.

ύπνου τού και Χιονιού βίου, τόν νά τά φαντάσματα της νύχτας τών Χριστουγέννων. Όλες οι παραδόσεις συμφωνούν ότι ή μεγάλη ώρα είναι ή ώρα τού θανάτου. Ή φαντασμαγορία τής ζωής είναι παλαιότερη από κάθε λογοτεχνία.

Σαίν Πάτρικ, στή Νέα Υόρκη. Είναι περασμένες ώρες τής νύχτας καί οί άνθρωποι του δρόμου μιλάνε για τά φαντάσματα πού γυρίζουν μέσα στά μεγάλα σπίτια. Ή πίστη στίς φαντασμαγορίες είναι κομμάτι της ανθρώπινης φύσης.

Όποιος νομίσει πως ξέρει τί είναι η αλήθεια θα βρεί μέσα στήν φαντασμαγορία τήν ίδια τή ζωή. Η ψυχή του ανθρώπου ζητάει τό μυστήριο όπως ζητάει το ψωμί του.

ύπνου τού και Χιονιού βίου, τόν νά τά φαντάσματα της νύχτας τών Χριστουγέννων. Όλες οι παραδόσεις συμφωνούν ότι ή μεγάλη ώρα είναι ή ώρα τού θανάτου. Ή φαντασμαγορία τής ζωής είναι παλαιότερη από κάθε λογοτεχνία.

Σαίν Πάτρικ, στή Νέα Υόρκη. Είναι περασμένες ώρες τής νύχτας καί οί άνθρωποι του δρόμου μιλάνε για τά φαντάσματα πού γυρίζουν μέσα στά μεγάλα σπίτια. Ή πίστη στίς φαντασμαγορίες είναι κομμάτι της ανθρώπινης φύσης.

Όποιος νομίσει πως ξέρει τί είναι η αλήθεια θα βρεί μέσα στήν φαντασμαγορία τήν ίδια τή ζωή. Η ψυχή του ανθρώπου ζητάει τό μυστήριο όπως ζητάει το ψωμί του.

Σαίν Πάτρικ, στή Νέα Υόρκη. Είναι περασμένες ώρες τής νύχτας καί οί άνθρωποι του δρόμου μιλάνε για τά φαντάσματα πού γυρίζουν μέσα στά μεγάλα σπίτια. Ή πίστη στίς φαντασμαγορίες είναι κομμάτι της ανθρώπινης φύσης.

Όποιος νομίσει πως ξέρει τί είναι η αλήθεια θα βρεί μέσα στήν φαντασμαγορία τήν ίδια τή ζωή. Η ψυχή του ανθρώπου ζητάει τό μυστήριο όπως ζητάει το ψωμί του.

ύπνου τού και Χιονιού βίου, τόν νά τά φαντάσματα της νύχτας τών Χριστουγέννων. Όλες οι παραδόσεις συμφωνούν ότι ή μεγάλη ώρα είναι ή ώρα τού θανάτου. Ή φαντασμαγορία τής ζωής είναι παλαιότερη από κάθε λογοτεχνία.

Σαίν Πάτρικ, στή Νέα Υόρκη. Είναι περασμένες ώρες τής νύχτας καί οί άνθρωποι του δρόμου μιλάνε για τά φαντάσματα πού γυρίζουν μέσα στά μεγάλα σπίτια. Ή πίστη στίς φαντασμαγορίες είναι κομμάτι της ανθρώπινης φύσης.

Όποιος νομίσει πως ξέρει τί είναι η αλήθεια θα βρεί μέσα στήν φαντασμαγορία τήν ίδια τή ζωή. Η ψυχή του ανθρώπου ζητάει τό μυστήριο όπως ζητάει το ψωμί του.

ύπνου τού και Χιονιού βίου, τόν νά τά φαντάσματα της νύχτας τών Χριστουγέννων. Όλες οι παραδόσεις συμφωνούν ότι ή μεγάλη ώρα είναι ή ώρα τού θανάτου. Ή φαντασμαγορία τής ζωής είναι παλαιότερη από κάθε λογοτεχνία.

Σαίν Πάτρικ, στή Νέα Υόρκη. Είναι περασμένες ώρες τής νύχτας καί οί άνθρωποι του δρόμου μιλάνε για τά φαντάσματα πού γυρίζουν μέσα στά μεγάλα σπίτια. Ή πίστη στίς φαντασμαγορίες είναι κομμάτι της ανθρώπινης φύσης.

Όποιος νομίσει πως ξέρει τί είναι η αλήθεια θα βρεί μέσα στήν φαντασμαγορία τήν ίδια τή ζωή. Η ψυχή του ανθρώπου ζητάει τό μυστήριο όπως ζητάει το ψωμί του.

ΠΑΝΟΣ ΚΑΡΑΒΙΑΣ
ΑΜΟΙΒΑΔΩΣΙΣ ΡΙΖΙΚΗ ΘΕΡΑΠΕΙΑ
Ποσότητα Σ.Τριανος 1. Αρτηρίες Παπαγεωργίου.
ΑΝΑΣΤΑΣΙΟΣ Χ. ΜΠΑΡΤΖΩΚΑΣ
ΙΑΤΡΟΣ — ΩΡΑΙ 10—12 καί 5—9.
ΜΕΓΑ
ΕΛΛΗΝΙΚΟΝ
ΒΙΟΓΡΑΦΙΚΟΝ
ΛΕΞΙΚΟΝ
ΕΚΔΟΣΙΣ ΣΥΝΕΡΓΑΣΙΑΣ ΤΩΝ ΒΙΒΛΙΟΘΗΚΩΝ ΑΘΗΝΩΝ
ΠΡΑΚΤΙΚΗ ΑΡΙΘΜΗΤΙΚΗ
Κυρίως είς τούς μαθητάς γυμνασίων καί τούς υποψηφίους τεχνικών σχολών.
ΕΠΙΟΡΘΩΣΙΣ
Κον Δέσπ. Μπονάτσου, οδός Κλειτίδου 61, Κολωνός. Ή συνδρομητρια της χθες κ. Ρήγα Φεραίου 17, Αναγνώστου 40, Δεληγιάννη 12, Καλλιδρομίου 5, Θεμιστοκλέους 26.
ΣΗΛΕΠΙ ΚΟΙΝΩΝΙΑΚΟΣ
